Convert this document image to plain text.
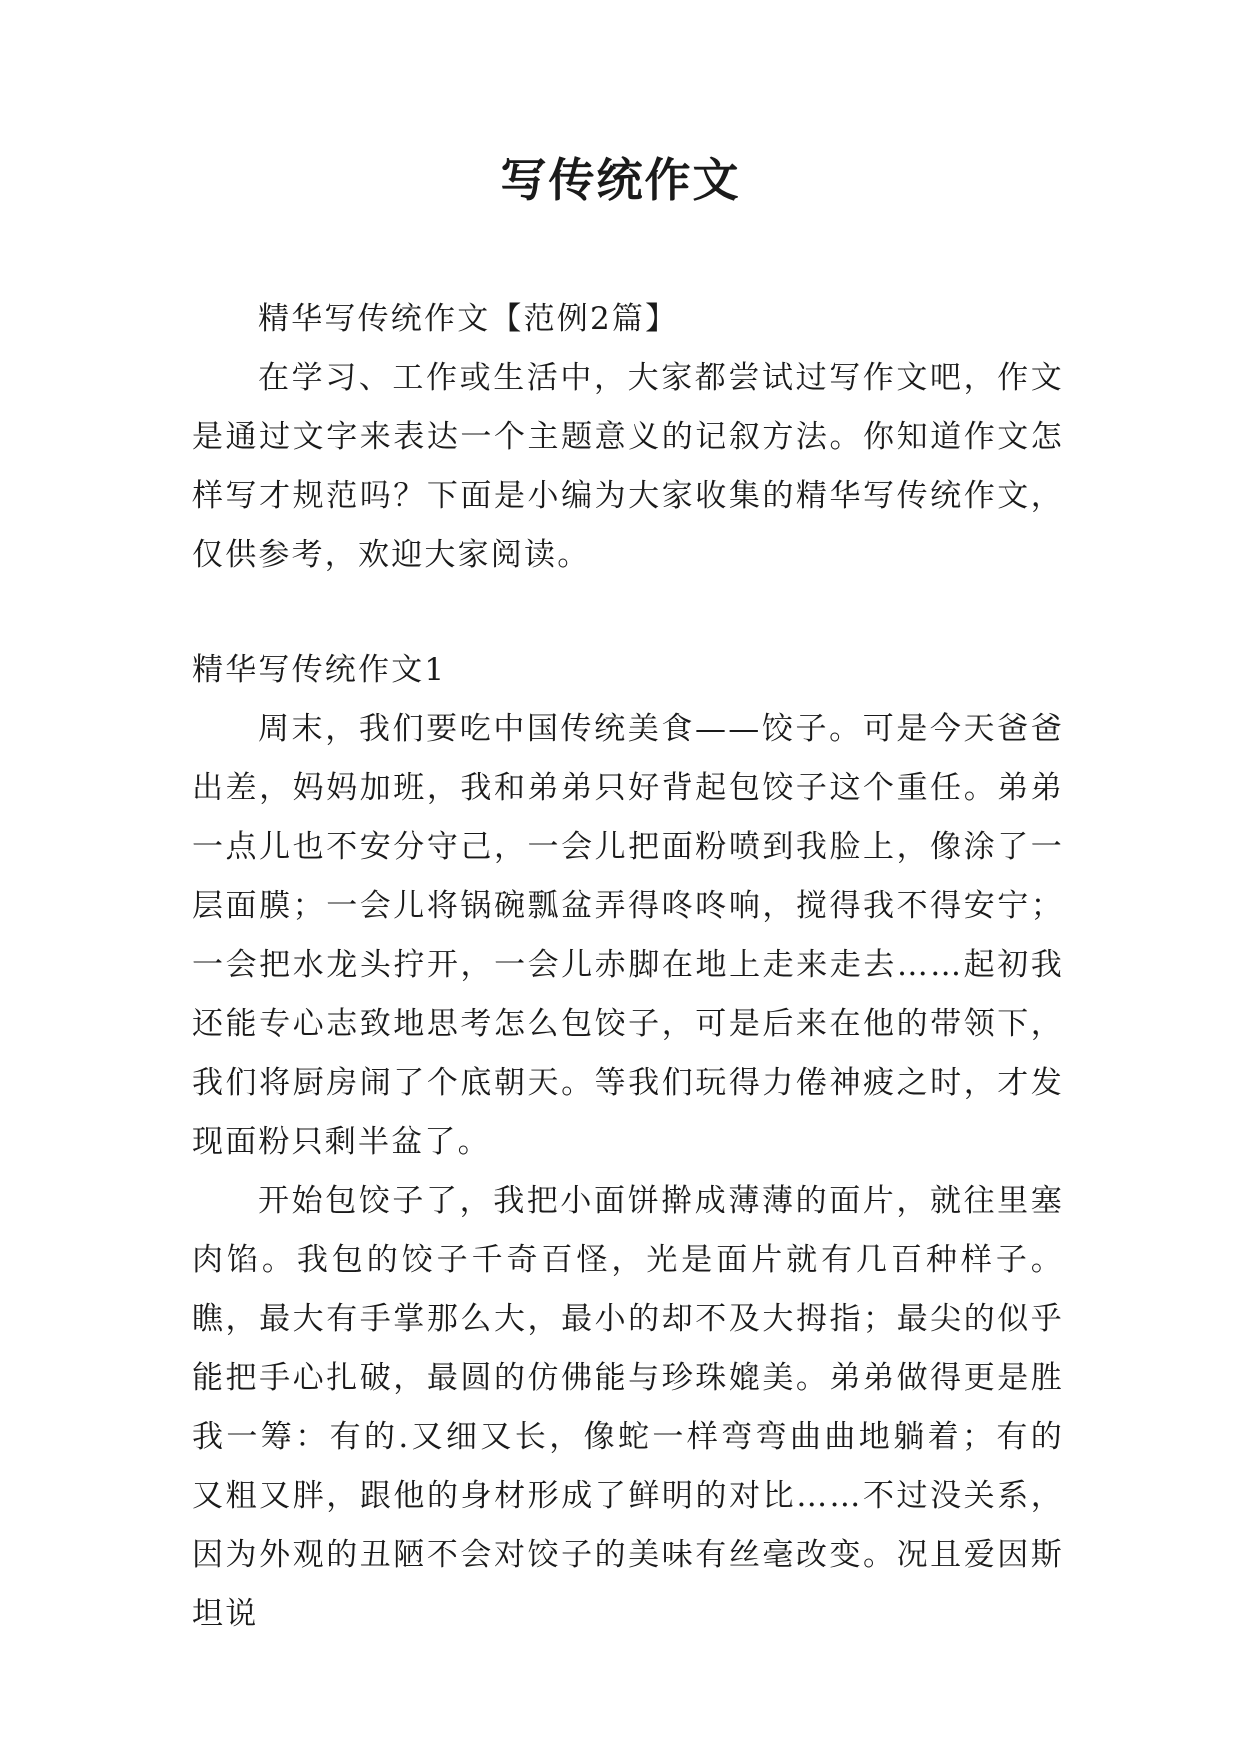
写传统作文

精华写传统作文【范例2篇】

在学习、工作或生活中，大家都尝试过写作文吧，作文是通过文字来表达一个主题意义的记叙方法。你知道作文怎样写才规范吗？下面是小编为大家收集的精华写传统作文，仅供参考，欢迎大家阅读。

精华写传统作文1

周末，我们要吃中国传统美食——饺子。可是今天爸爸出差，妈妈加班，我和弟弟只好背起包饺子这个重任。弟弟一点儿也不安分守己，一会儿把面粉喷到我脸上，像涂了一层面膜；一会儿将锅碗瓢盆弄得咚咚响，搅得我不得安宁；一会把水龙头拧开，一会儿赤脚在地上走来走去……起初我还能专心志致地思考怎么包饺子，可是后来在他的带领下，我们将厨房闹了个底朝天。等我们玩得力倦神疲之时，才发现面粉只剩半盆了。

开始包饺子了，我把小面饼擀成薄薄的面片，就往里塞肉馅。我包的饺子千奇百怪，光是面片就有几百种样子。瞧，最大有手掌那么大，最小的却不及大拇指；最尖的似乎能把手心扎破，最圆的仿佛能与珍珠媲美。弟弟做得更是胜我一筹：有的.又细又长，像蛇一样弯弯曲曲地躺着；有的又粗又胖，跟他的身材形成了鲜明的对比……不过没关系，因为外观的丑陋不会对饺子的美味有丝毫改变。况且爱因斯坦说
